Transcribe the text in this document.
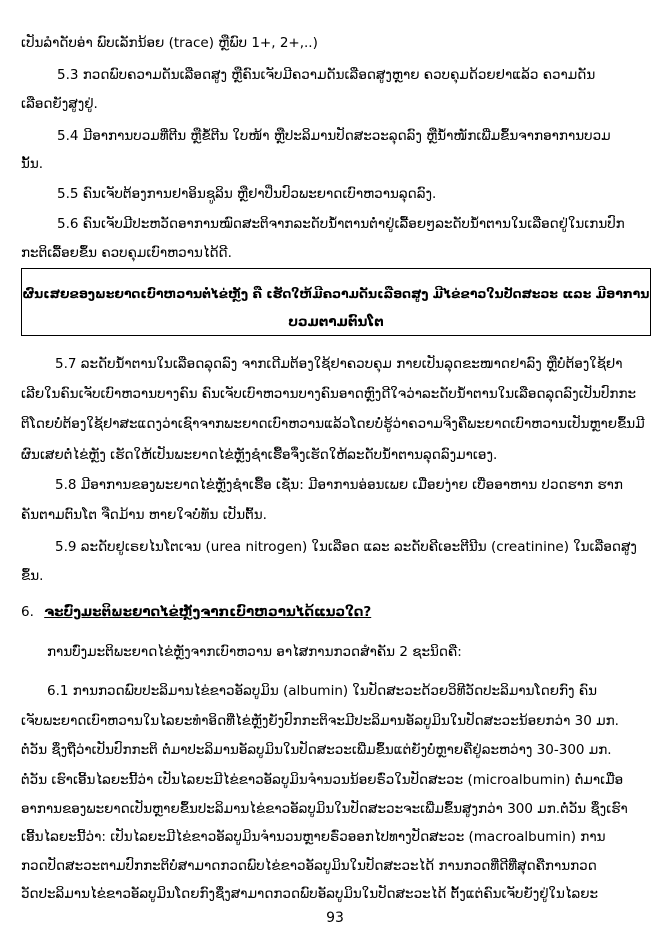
ເປັນລຳດັບອ່າ ພົບເລັກນ້ອຍ (trace) ຫຼືພົບ 1+, 2+,..)
5.3 ກວດພົບຄວາມດັນເລືອດສູງ ຫຼືຄົນເຈັບມີຄວາມດັນເລືອດສູງຫຼາຍ ຄວບຄຸມດ້ວຍຢາແລ້ວ ຄວາມດັນ
ເລືອດຍັງສູງຢູ່.
5.4 ມີອາການບວມທີ່ຕີນ ຫຼືຂໍ້ຕີນ ໃບໜ້າ ຫຼືປະລິມານປັດສະວະລຸດລົງ ຫຼືນ້ຳໜັກເພີ່ມຂຶ້ນຈາກອາການບວມ
ນັ້ນ.
5.5 ຄົນເຈັບຕ້ອງການຢາອິນຊູລິນ ຫຼືຢາປິ່ນປົວພະຍາດເບົາຫວານລຸດລົງ.
5.6 ຄົນເຈັບມີປະຫວັດອາການໝົດສະຕິຈາກລະດັບນ້ຳຕານຕ່ຳຢູ່ເລື້ອຍໆລະດັບນ້ຳຕານໃນເລືອດຢູ່ໃນເກນປົກ
ກະຕິເລື້ອຍຂຶ້ນ ຄວບຄຸມເບົາຫວານໄດ້ດີ.
ຜົນເສຍຂອງພະຍາດເບົາຫວານຕໍ່ໄຂ່ຫຼັງ ຄື ເຮັດໃຫ້ມີຄວາມດັນເລືອດສູງ ມີໄຂ່ຂາວໃນປັດສະວະ ແລະ ມີອາການ
ບວມຕາມຕົນໂຕ
5.7 ລະດັບນ້ຳຕານໃນເລືອດລຸດລົງ ຈາກເດີມຕ້ອງໃຊ້ຢາຄວບຄຸມ ກາຍເປັນລຸດຂະໜາດຢາລົງ ຫຼືບໍ່ຕ້ອງໃຊ້ຢາ
ເລີຍໃນຄົນເຈັບເບົາຫວານບາງຄົນ ຄົນເຈັບເບົາຫວານບາງຄົນອາດຫຼົງດີໃຈວ່າລະດັບນ້ຳຕານໃນເລືອດລຸດລົງເປັນປົກກະ
ຕິໂດຍບໍ່ຕ້ອງໃຊ້ຢາສະແດງວ່າເຊົາຈາກພະຍາດເບົາຫວານແລ້ວໂດຍບໍ່ຮູ້ວ່າຄວາມຈິງຄືພະຍາດເບົາຫວານເປັນຫຼາຍຂຶ້ນມີ
ຜົນເສຍຕໍ່ໄຂ່ຫຼັງ ເຮັດໃຫ້ເປັນພະຍາດໄຂ່ຫຼັງຊຳເຮື້ອຈຶ່ງເຮັດໃຫ້ລະດັບນ້ຳຕານລຸດລົງມາເອງ.
5.8 ມີອາການຂອງພະຍາດໄຂ່ຫຼັງຊຳເຮື້ອ ເຊັ່ນ: ມີອາການອ່ອນເພຍ ເມື່ອຍງ່າຍ ເບື່ອອາຫານ ປວດຮາກ ຮາກ
ຄັນຕາມຕົນໂຕ ຈືດມ້ານ ຫາຍໃຈບໍ່ທັນ ເປັນຕົ້ນ.
5.9 ລະດັບຢູເຣຍໄນໂຕເຈນ (urea nitrogen) ໃນເລືອດ ແລະ ລະດັບຄີເອະຕີນີນ (creatinine) ໃນເລືອດສູງ
ຂຶ້ນ.
6. ຈະບົ່ງມະຕິພະຍາດໄຂ່ຫຼັງຈາກເບົາຫວານໄດ້ແນວໃດ?
ການບົ່ງມະຕິພະຍາດໄຂ່ຫຼັງຈາກເບົາຫວານ ອາໄສການກວດສຳຄັນ 2 ຊະນິດຄື:
6.1 ການກວດພົບປະລິມານໄຂ່ຂາວອັລບູມິນ (albumin) ໃນປັດສະວະດ້ວຍວິທີວັດປະລິມານໂດຍກົງ ຄົນ
ເຈັບພະຍາດເບົາຫວານໃນໄລຍະທຳອິດທີ່ໄຂ່ຫຼັງຍັງປົກກະຕິຈະມີປະລິມານອັລບູມິນໃນປັດສະວະນ້ອຍກວ່າ 30 ມກ.
ຕໍ່ວັນ ຊຶ່ງຖືວ່າເປັນປົກກະຕິ ຕໍ່ມາປະລິມານອັລບູມິນໃນປັດສະວະເພີ່ມຂຶ້ນແຕ່ຍັງບໍ່ຫຼາຍຄືຢູ່ລະຫວ່າງ 30-300 ມກ.
ຕໍ່ວັນ ເຮົາເອີ້ນໄລຍະນີ້ວ່າ ເປັນໄລຍະມີໄຂ່ຂາວອັລບູມິນຈຳນວນນ້ອຍຣົ່ວໃນປັດສະວະ (microalbumin) ຕໍ່ມາເມື່ອ
ອາການຂອງພະຍາດເປັນຫຼາຍຂຶ້ນປະລິມານໄຂ່ຂາວອັລບູມິນໃນປັດສະວະຈະເພີ່ມຂຶ້ນສູງກວ່າ 300 ມກ.ຕໍ່ວັນ ຊຶ່ງເຮົາ
ເອີ້ນໄລຍະນີ້ວ່າ: ເປັນໄລຍະມີໄຂ່ຂາວອັລບູມິນຈຳນວນຫຼາຍຣົ່ວອອກໄປທາງປັດສະວະ (macroalbumin) ການ
ກວດປັດສະວະຕາມປົກກະຕິບໍ່ສາມາດກວດພົບໄຂ່ຂາວອັລບູມິນໃນປັດສະວະໄດ້ ການກວດທີ່ດີທີ່ສຸດຄືການກວດ
ວັດປະລິມານໄຂ່ຂາວອັລບູມິນໂດຍກົງຊຶ່ງສາມາດກວດພົບອັລບູມິນໃນປັດສະວະໄດ້ ຕັ້ງແຕ່ຄົນເຈັບຍັງຢູ່ໃນໄລຍະ
93
